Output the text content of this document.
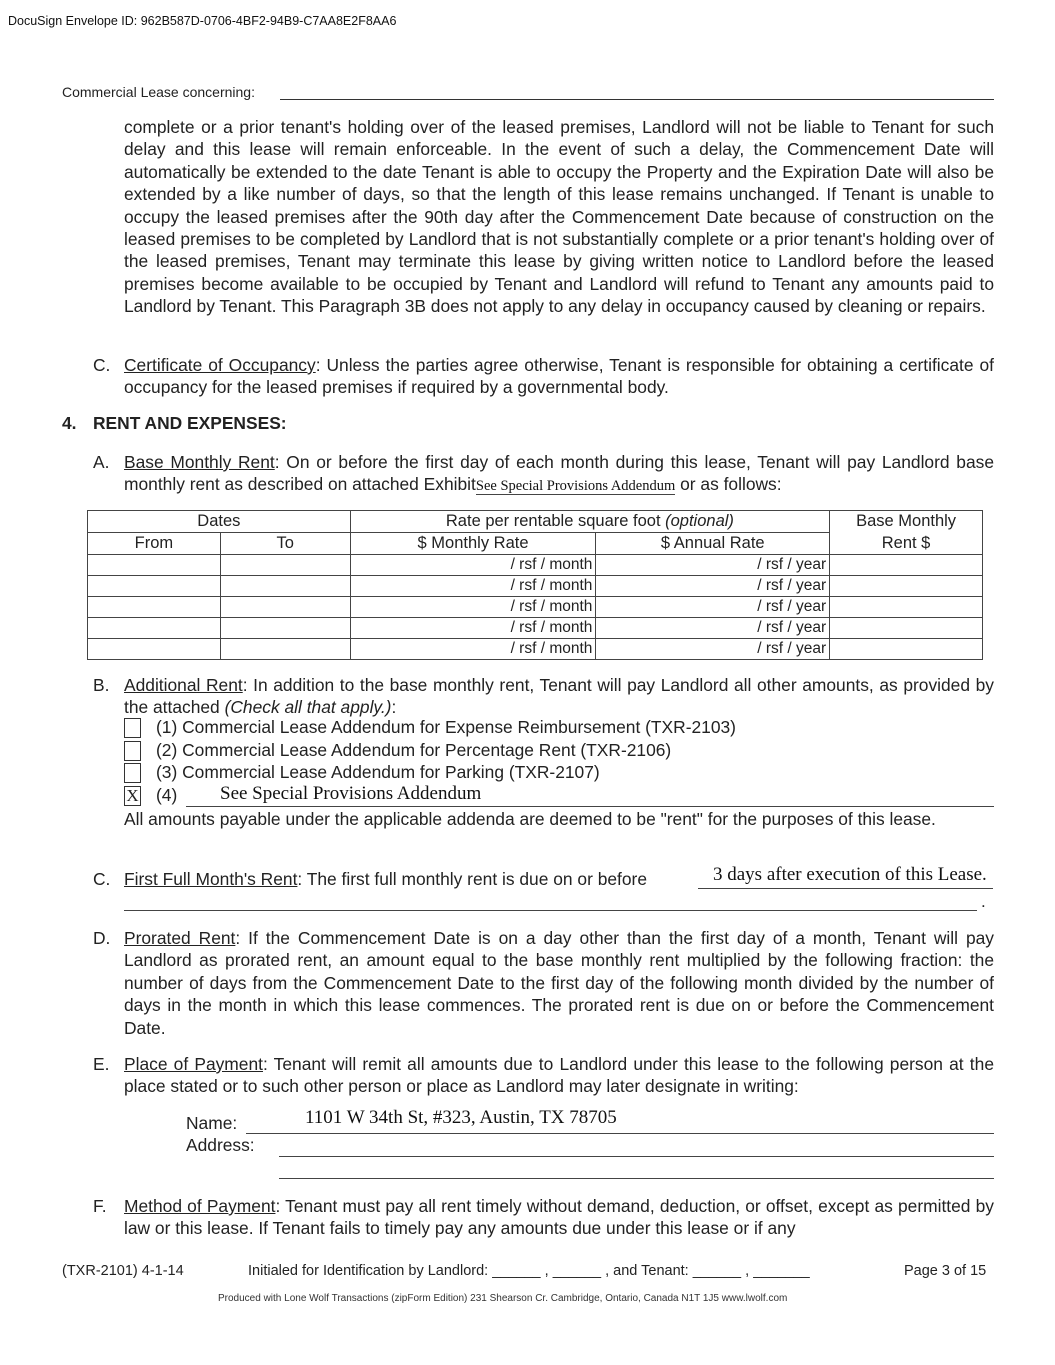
DocuSign Envelope ID: 962B587D-0706-4BF2-94B9-C7AA8E2F8AA6
Commercial Lease concerning:
complete or a prior tenant's holding over of the leased premises, Landlord will not be liable to Tenant for such delay and this lease will remain enforceable. In the event of such a delay, the Commencement Date will automatically be extended to the date Tenant is able to occupy the Property and the Expiration Date will also be extended by a like number of days, so that the length of this lease remains unchanged. If Tenant is unable to occupy the leased premises after the 90th day after the Commencement Date because of construction on the leased premises to be completed by Landlord that is not substantially complete or a prior tenant's holding over of the leased premises, Tenant may terminate this lease by giving written notice to Landlord before the leased premises become available to be occupied by Tenant and Landlord will refund to Tenant any amounts paid to Landlord by Tenant. This Paragraph 3B does not apply to any delay in occupancy caused by cleaning or repairs.
C. Certificate of Occupancy: Unless the parties agree otherwise, Tenant is responsible for obtaining a certificate of occupancy for the leased premises if required by a governmental body.
4. RENT AND EXPENSES:
A. Base Monthly Rent: On or before the first day of each month during this lease, Tenant will pay Landlord base monthly rent as described on attached ExhibitSee Special Provisions Addendum or as follows:
Dates		Rate per rentable square foot (optional)		Base Monthly
From	To	$ Monthly Rate	$ Annual Rate	Rent $
		/ rsf / month	/ rsf / year	
		/ rsf / month	/ rsf / year	
		/ rsf / month	/ rsf / year	
		/ rsf / month	/ rsf / year	
		/ rsf / month	/ rsf / year	
B. Additional Rent: In addition to the base monthly rent, Tenant will pay Landlord all other amounts, as provided by the attached (Check all that apply.):
(1) Commercial Lease Addendum for Expense Reimbursement (TXR-2103)
(2) Commercial Lease Addendum for Percentage Rent (TXR-2106)
(3) Commercial Lease Addendum for Parking (TXR-2107)
X (4) See Special Provisions Addendum
All amounts payable under the applicable addenda are deemed to be "rent" for the purposes of this lease.
C. First Full Month's Rent: The first full monthly rent is due on or before	3 days after execution of this Lease.
.
D. Prorated Rent: If the Commencement Date is on a day other than the first day of a month, Tenant will pay Landlord as prorated rent, an amount equal to the base monthly rent multiplied by the following fraction: the number of days from the Commencement Date to the first day of the following month divided by the number of days in the month in which this lease commences. The prorated rent is due on or before the Commencement Date.
E. Place of Payment: Tenant will remit all amounts due to Landlord under this lease to the following person at the place stated or to such other person or place as Landlord may later designate in writing:
Name:	1101 W 34th St, #323, Austin, TX 78705
Address:
F. Method of Payment: Tenant must pay all rent timely without demand, deduction, or offset, except as permitted by law or this lease. If Tenant fails to timely pay any amounts due under this lease or if any
(TXR-2101) 4-1-14	Initialed for Identification by Landlord: ______ , ______ , and Tenant: ______ , _______	Page 3 of 15
Produced with Lone Wolf Transactions (zipForm Edition) 231 Shearson Cr. Cambridge, Ontario, Canada N1T 1J5 www.lwolf.com
